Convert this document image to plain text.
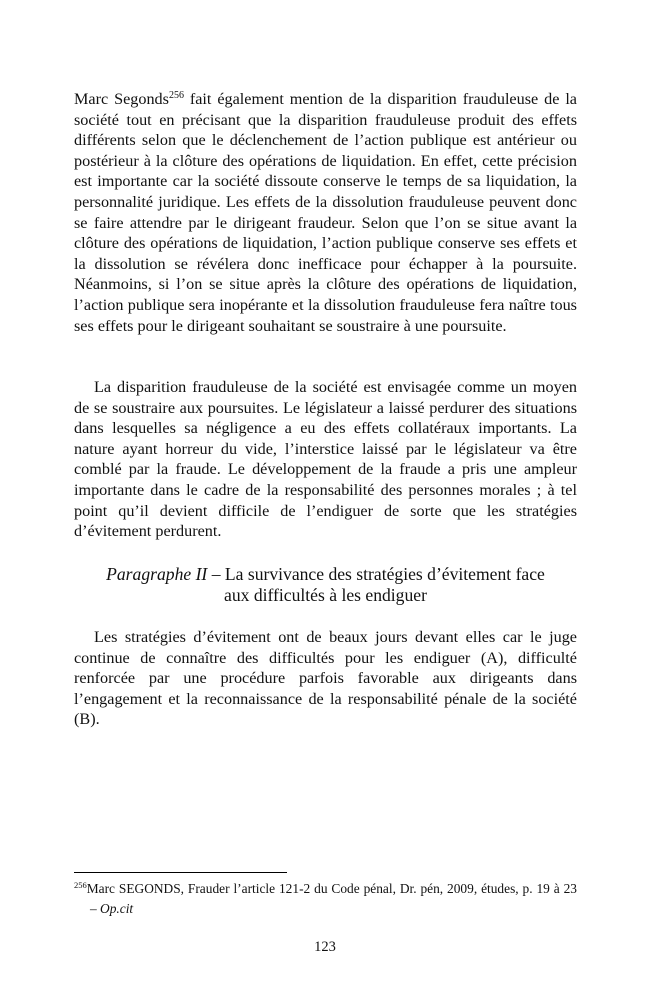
Marc Segonds$^{256}$ fait également mention de la disparition frauduleuse de la société tout en précisant que la disparition frauduleuse produit des effets différents selon que le déclenchement de l’action publique est antérieur ou postérieur à la clôture des opérations de liquidation. En effet, cette précision est importante car la société dissoute conserve le temps de sa liquidation, la personnalité juridique. Les effets de la dissolution frauduleuse peuvent donc se faire attendre par le dirigeant fraudeur. Selon que l’on se situe avant la clôture des opérations de liquidation, l’action publique conserve ses effets et la dissolution se révélera donc inefficace pour échapper à la poursuite. Néanmoins, si l’on se situe après la clôture des opérations de liquidation, l’action publique sera inopérante et la dissolution frauduleuse fera naître tous ses effets pour le dirigeant souhaitant se soustraire à une poursuite.

La disparition frauduleuse de la société est envisagée comme un moyen de se soustraire aux poursuites. Le législateur a laissé perdurer des situations dans lesquelles sa négligence a eu des effets collatéraux importants. La nature ayant horreur du vide, l’interstice laissé par le législateur va être comblé par la fraude. Le développement de la fraude a pris une ampleur importante dans le cadre de la responsabilité des personnes morales ; à tel point qu’il devient difficile de l’endiguer de sorte que les stratégies d’évitement perdurent.

Paragraphe II – La survivance des stratégies d’évitement face
aux difficultés à les endiguer

Les stratégies d’évitement ont de beaux jours devant elles car le juge continue de connaître des difficultés pour les endiguer (A), difficulté renforcée par une procédure parfois favorable aux dirigeants dans l’engagement et la reconnaissance de la responsabilité pénale de la société (B).

$^{256}$Marc SEGONDS, Frauder l’article 121-2 du Code pénal, Dr. pén, 2009, études, p. 19 à 23 – Op.cit
123
